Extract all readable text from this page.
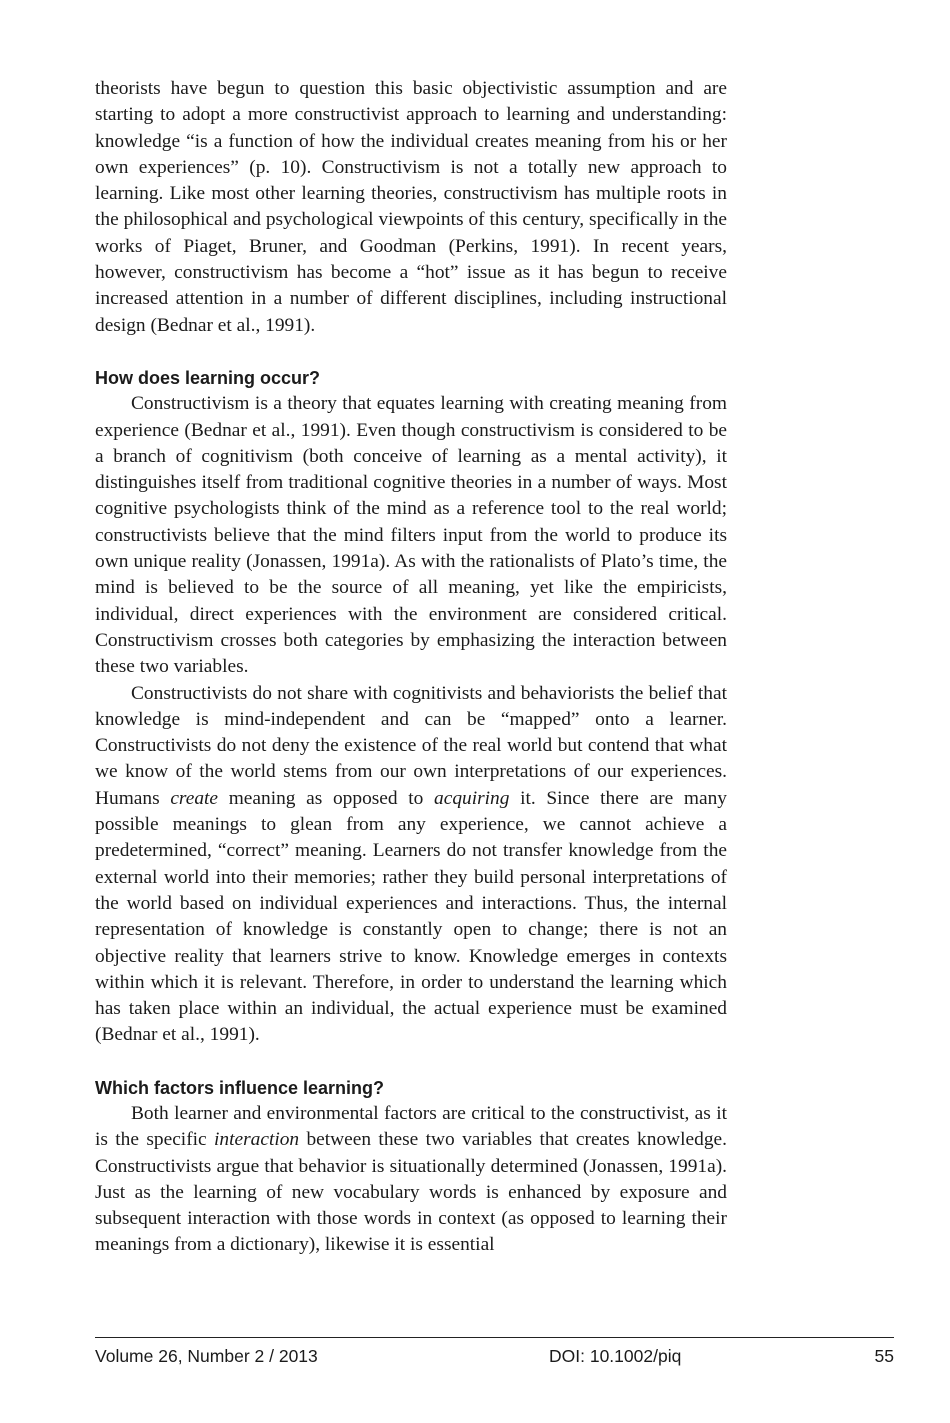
theorists have begun to question this basic objectivistic assumption and are starting to adopt a more constructivist approach to learning and understanding: knowledge “is a function of how the individual creates meaning from his or her own experiences” (p. 10). Constructivism is not a totally new approach to learning. Like most other learning theories, constructivism has multiple roots in the philosophical and psychological viewpoints of this century, specifically in the works of Piaget, Bruner, and Goodman (Perkins, 1991). In recent years, however, constructivism has become a “hot” issue as it has begun to receive increased attention in a number of different disciplines, including instructional design (Bednar et al., 1991).

How does learning occur?

Constructivism is a theory that equates learning with creating meaning from experience (Bednar et al., 1991). Even though constructivism is considered to be a branch of cognitivism (both conceive of learning as a mental activity), it distinguishes itself from traditional cognitive theories in a number of ways. Most cognitive psychologists think of the mind as a reference tool to the real world; constructivists believe that the mind filters input from the world to produce its own unique reality (Jonassen, 1991a). As with the rationalists of Plato’s time, the mind is believed to be the source of all meaning, yet like the empiricists, individual, direct experiences with the environment are considered critical. Constructivism crosses both categories by emphasizing the interaction between these two variables.

Constructivists do not share with cognitivists and behaviorists the belief that knowledge is mind-independent and can be “mapped” onto a learner. Constructivists do not deny the existence of the real world but contend that what we know of the world stems from our own interpretations of our experiences. Humans create meaning as opposed to acquiring it. Since there are many possible meanings to glean from any experience, we cannot achieve a predetermined, “correct” meaning. Learners do not transfer knowledge from the external world into their memories; rather they build personal interpretations of the world based on individual experiences and interactions. Thus, the internal representation of knowledge is constantly open to change; there is not an objective reality that learners strive to know. Knowledge emerges in contexts within which it is relevant. Therefore, in order to understand the learning which has taken place within an individual, the actual experience must be examined (Bednar et al., 1991).

Which factors influence learning?

Both learner and environmental factors are critical to the constructivist, as it is the specific interaction between these two variables that creates knowledge. Constructivists argue that behavior is situationally determined (Jonassen, 1991a). Just as the learning of new vocabulary words is enhanced by exposure and subsequent interaction with those words in context (as opposed to learning their meanings from a dictionary), likewise it is essential

Volume 26, Number 2 / 2013	DOI: 10.1002/piq	55
